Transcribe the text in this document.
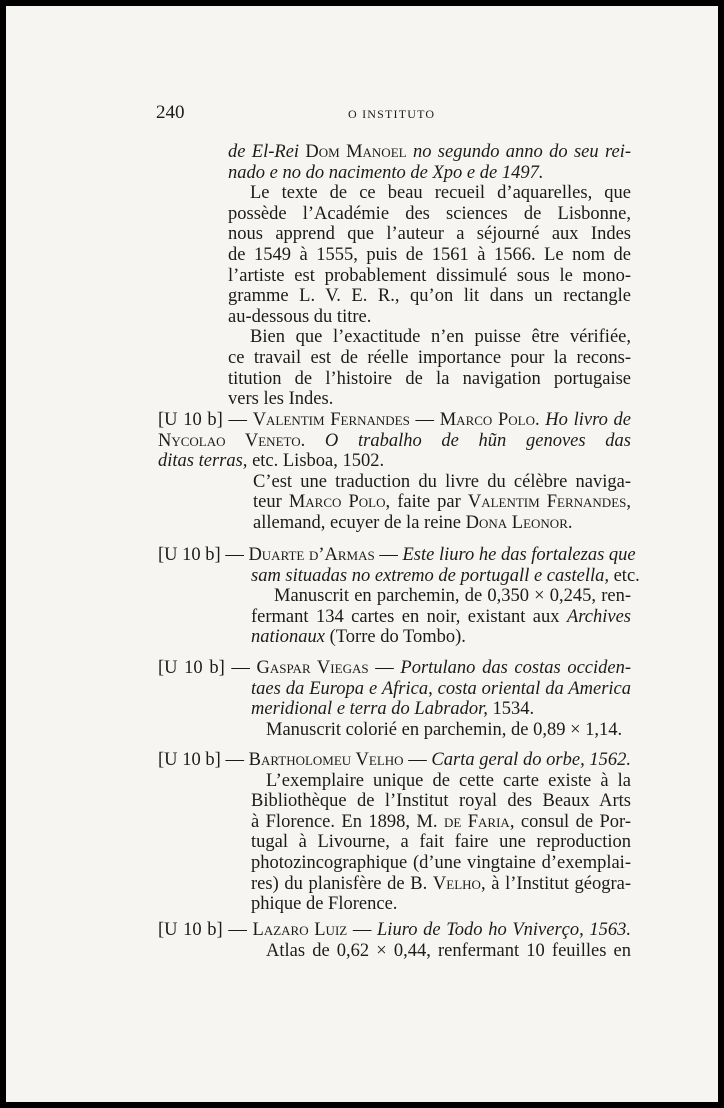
240	O INSTITUTO
de El-Rei Dom Manoel no segundo anno do seu rei-
nado e no do nacimento de Xpo e de 1497.
Le texte de ce beau recueil d’aquarelles, que
possède l’Académie des sciences de Lisbonne,
nous apprend que l’auteur a séjourné aux Indes
de 1549 à 1555, puis de 1561 à 1566. Le nom de
l’artiste est probablement dissimulé sous le mono-
gramme L. V. E. R., qu’on lit dans un rectangle
au-dessous du titre.
Bien que l’exactitude n’en puisse être vérifiée,
ce travail est de réelle importance pour la recons-
titution de l’histoire de la navigation portugaise
vers les Indes.
[U 10 b] — Valentim Fernandes — Marco Polo. Ho livro de
Nycolao Veneto. O trabalho de hũn genoves das
ditas terras, etc. Lisboa, 1502.
C’est une traduction du livre du célèbre naviga-
teur Marco Polo, faite par Valentim Fernandes,
allemand, ecuyer de la reine Dona Leonor.
[U 10 b] — Duarte d’Armas — Este liuro he das fortalezas que
sam situadas no extremo de portugall e castella, etc.
Manuscrit en parchemin, de 0,350 × 0,245, ren-
fermant 134 cartes en noir, existant aux Archives
nationaux (Torre do Tombo).
[U 10 b] — Gaspar Viegas — Portulano das costas occiden-
taes da Europa e Africa, costa oriental da America
meridional e terra do Labrador, 1534.
Manuscrit colorié en parchemin, de 0,89 × 1,14.
[U 10 b] — Bartholomeu Velho — Carta geral do orbe, 1562.
L’exemplaire unique de cette carte existe à la
Bibliothèque de l’Institut royal des Beaux Arts
à Florence. En 1898, M. de Faria, consul de Por-
tugal à Livourne, a fait faire une reproduction
photozincographique (d’une vingtaine d’exemplai-
res) du planisfère de B. Velho, à l’Institut géogra-
phique de Florence.
[U 10 b] — Lazaro Luiz — Liuro de Todo ho Vniverço, 1563.
Atlas de 0,62 × 0,44, renfermant 10 feuilles en
